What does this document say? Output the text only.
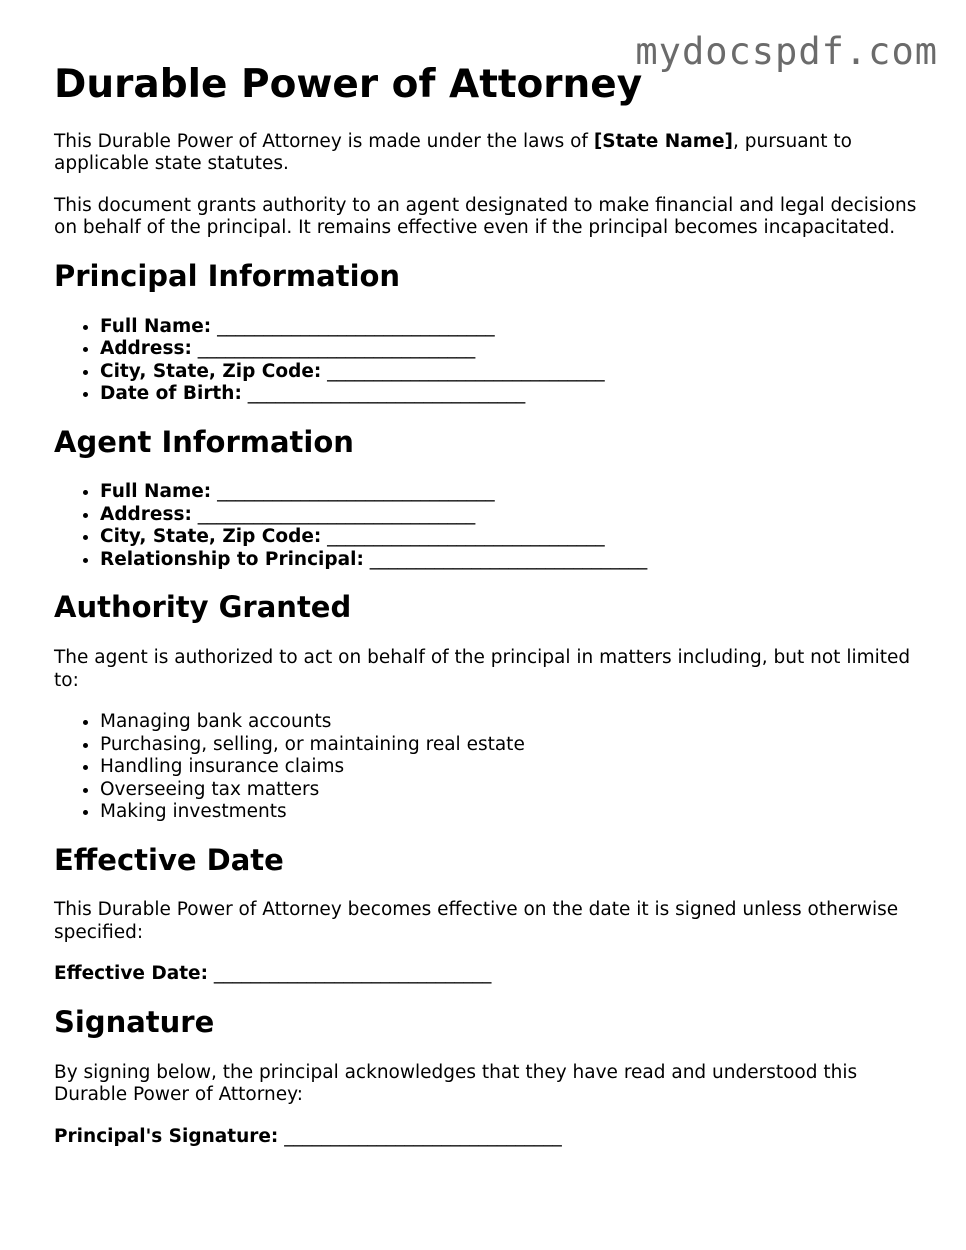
mydocspdf.com
Durable Power of Attorney

This Durable Power of Attorney is made under the laws of [State Name], pursuant to applicable state statutes.

This document grants authority to an agent designated to make financial and legal decisions on behalf of the principal. It remains effective even if the principal becomes incapacitated.

Principal Information
• Full Name: ______________________________
• Address: ______________________________
• City, State, Zip Code: ______________________________
• Date of Birth: ______________________________
Agent Information
• Full Name: ______________________________
• Address: ______________________________
• City, State, Zip Code: ______________________________
• Relationship to Principal: ______________________________
Authority Granted

The agent is authorized to act on behalf of the principal in matters including, but not limited to:

• Managing bank accounts
• Purchasing, selling, or maintaining real estate
• Handling insurance claims
• Overseeing tax matters
• Making investments
Effective Date

This Durable Power of Attorney becomes effective on the date it is signed unless otherwise specified:

Effective Date: ______________________________

Signature

By signing below, the principal acknowledges that they have read and understood this Durable Power of Attorney:

Principal's Signature: ______________________________
